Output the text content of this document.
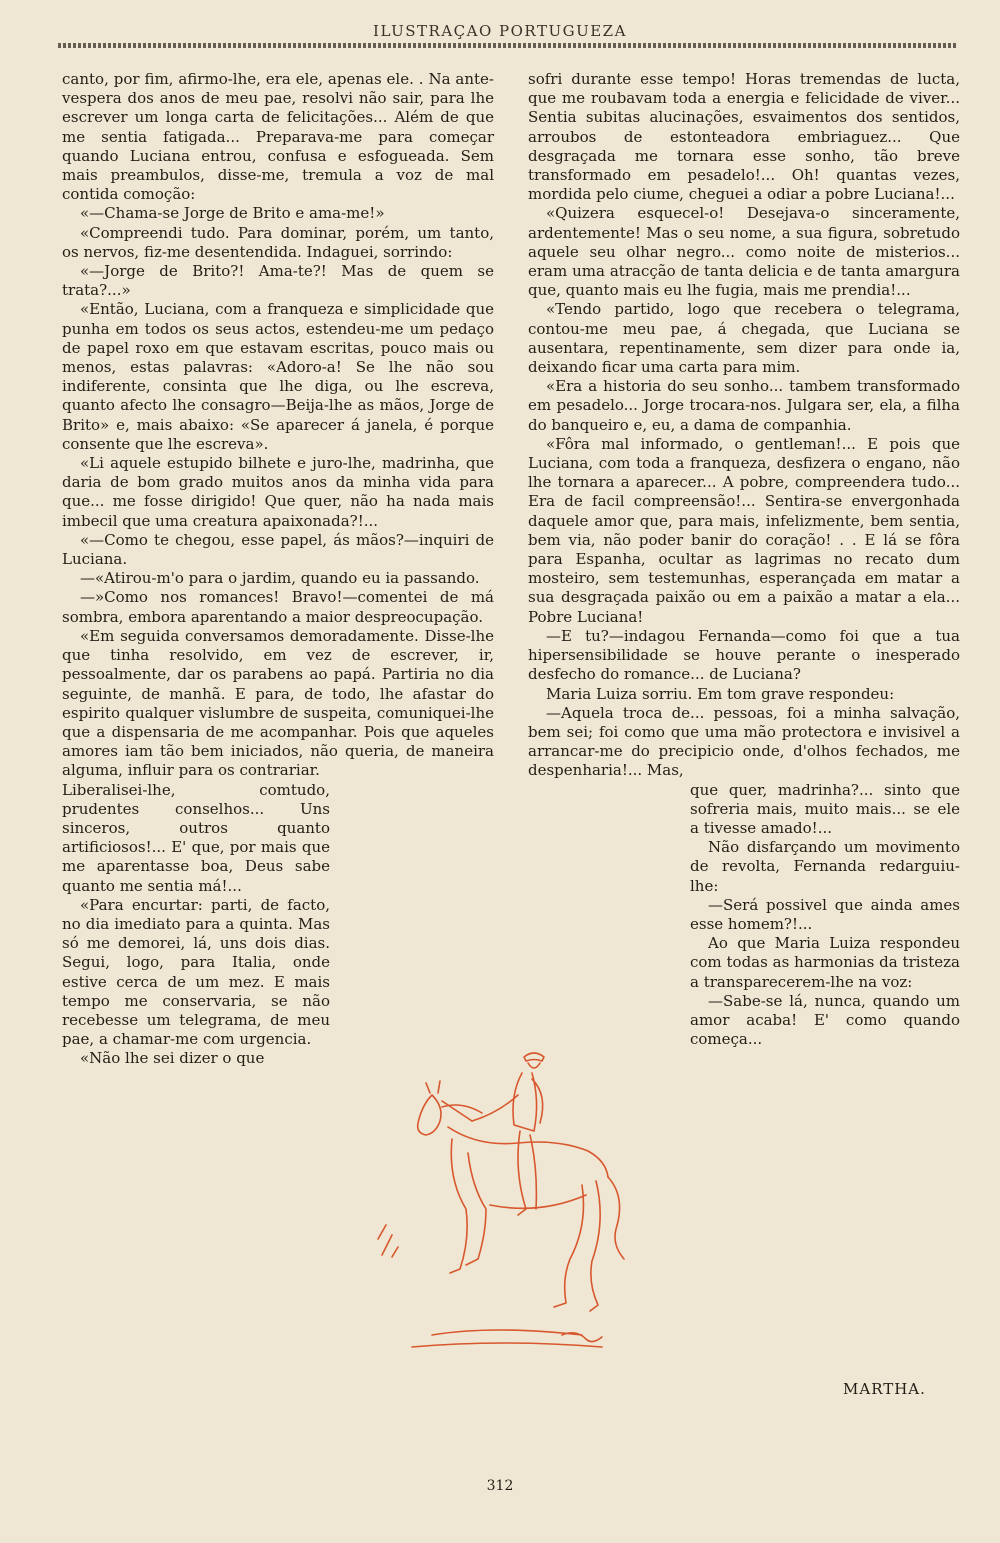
ILUSTRAÇAO PORTUGUEZA

canto, por fim, afirmo-lhe, era ele, apenas ele. . Na ante-vespera dos anos de meu pae, resolvi não sair, para lhe escrever um longa carta de felicitações... Além de que me sentia fatigada... Preparava-me para começar quando Luciana entrou, confusa e esfogueada. Sem mais preambulos, disse-me, tremula a voz de mal contida comoção:

«—Chama-se Jorge de Brito e ama-me!»

«Compreendi tudo. Para dominar, porém, um tanto, os nervos, fiz-me desentendida. Indaguei, sorrindo:

«—Jorge de Brito?! Ama-te?! Mas de quem se trata?...»

«Então, Luciana, com a franqueza e simplicidade que punha em todos os seus actos, estendeu-me um pedaço de papel roxo em que estavam escritas, pouco mais ou menos, estas palavras: «Adoro-a! Se lhe não sou indiferente, consinta que lhe diga, ou lhe escreva, quanto afecto lhe consagro—Beija-lhe as mãos, Jorge de Brito» e, mais abaixo: «Se aparecer á janela, é porque consente que lhe escreva».

«Li aquele estupido bilhete e juro-lhe, madrinha, que daria de bom grado muitos anos da minha vida para que... me fosse dirigido! Que quer, não ha nada mais imbecil que uma creatura apaixonada?!...

«—Como te chegou, esse papel, ás mãos?—inquiri de Luciana.

—«Atirou-m'o para o jardim, quando eu ia passando.

—»Como nos romances! Bravo!—comentei de má sombra, embora aparentando a maior despreocupação.

«Em seguida conversamos demoradamente. Disse-lhe que tinha resolvido, em vez de escrever, ir, pessoalmente, dar os parabens ao papá. Partiria no dia seguinte, de manhã. E para, de todo, lhe afastar do espirito qualquer vislumbre de suspeita, comuniquei-lhe que a dispensaria de me acompanhar. Pois que aqueles amores iam tão bem iniciados, não queria, de maneira alguma, influir para os contrariar.

Liberalisei-lhe, comtudo, prudentes conselhos... Uns sinceros, outros quanto artificiosos!... E' que, por mais que me aparentasse boa, Deus sabe quanto me sentia má!...

«Para encurtar: parti, de facto, no dia imediato para a quinta. Mas só me demorei, lá, uns dois dias. Segui, logo, para Italia, onde estive cerca de um mez. E mais tempo me conservaria, se não recebesse um telegrama, de meu pae, a chamar-me com urgencia.

«Não lhe sei dizer o que

sofri durante esse tempo! Horas tremendas de lucta, que me roubavam toda a energia e felicidade de viver... Sentia subitas alucinações, esvaimentos dos sentidos, arroubos de estonteadora embriaguez... Que desgraçada me tornara esse sonho, tão breve transformado em pesadelo!... Oh! quantas vezes, mordida pelo ciume, cheguei a odiar a pobre Luciana!...

«Quizera esquecel-o! Desejava-o sinceramente, ardentemente! Mas o seu nome, a sua figura, sobretudo aquele seu olhar negro... como noite de misterios... eram uma atracção de tanta delicia e de tanta amargura que, quanto mais eu lhe fugia, mais me prendia!...

«Tendo partido, logo que recebera o telegrama, contou-me meu pae, á chegada, que Luciana se ausentara, repentinamente, sem dizer para onde ia, deixando ficar uma carta para mim.

«Era a historia do seu sonho... tambem transformado em pesadelo... Jorge trocara-nos. Julgara ser, ela, a filha do banqueiro e, eu, a dama de companhia.

«Fôra mal informado, o gentleman!... E pois que Luciana, com toda a franqueza, desfizera o engano, não lhe tornara a aparecer... A pobre, compreendera tudo... Era de facil compreensão!... Sentira-se envergonhada daquele amor que, para mais, infelizmente, bem sentia, bem via, não poder banir do coração! . . E lá se fôra para Espanha, ocultar as lagrimas no recato dum mosteiro, sem testemunhas, esperançada em matar a sua desgraçada paixão ou em a paixão a matar a ela... Pobre Luciana!

—E tu?—indagou Fernanda—como foi que a tua hipersensibilidade se houve perante o inesperado desfecho do romance... de Luciana?

Maria Luiza sorriu. Em tom grave respondeu:

—Aquela troca de... pessoas, foi a minha salvação, bem sei; foi como que uma mão protectora e invisivel a arrancar-me do precipicio onde, d'olhos fechados, me despenharia!... Mas,

que quer, madrinha?... sinto que sofreria mais, muito mais... se ele a tivesse amado!...

Não disfarçando um movimento de revolta, Fernanda redarguiu-lhe:

—Será possivel que ainda ames esse homem?!...

Ao que Maria Luiza respondeu com todas as harmonias da tristeza a transparecerem-lhe na voz:

—Sabe-se lá, nunca, quando um amor acaba! E' como quando começa...

MARTHA.
312
